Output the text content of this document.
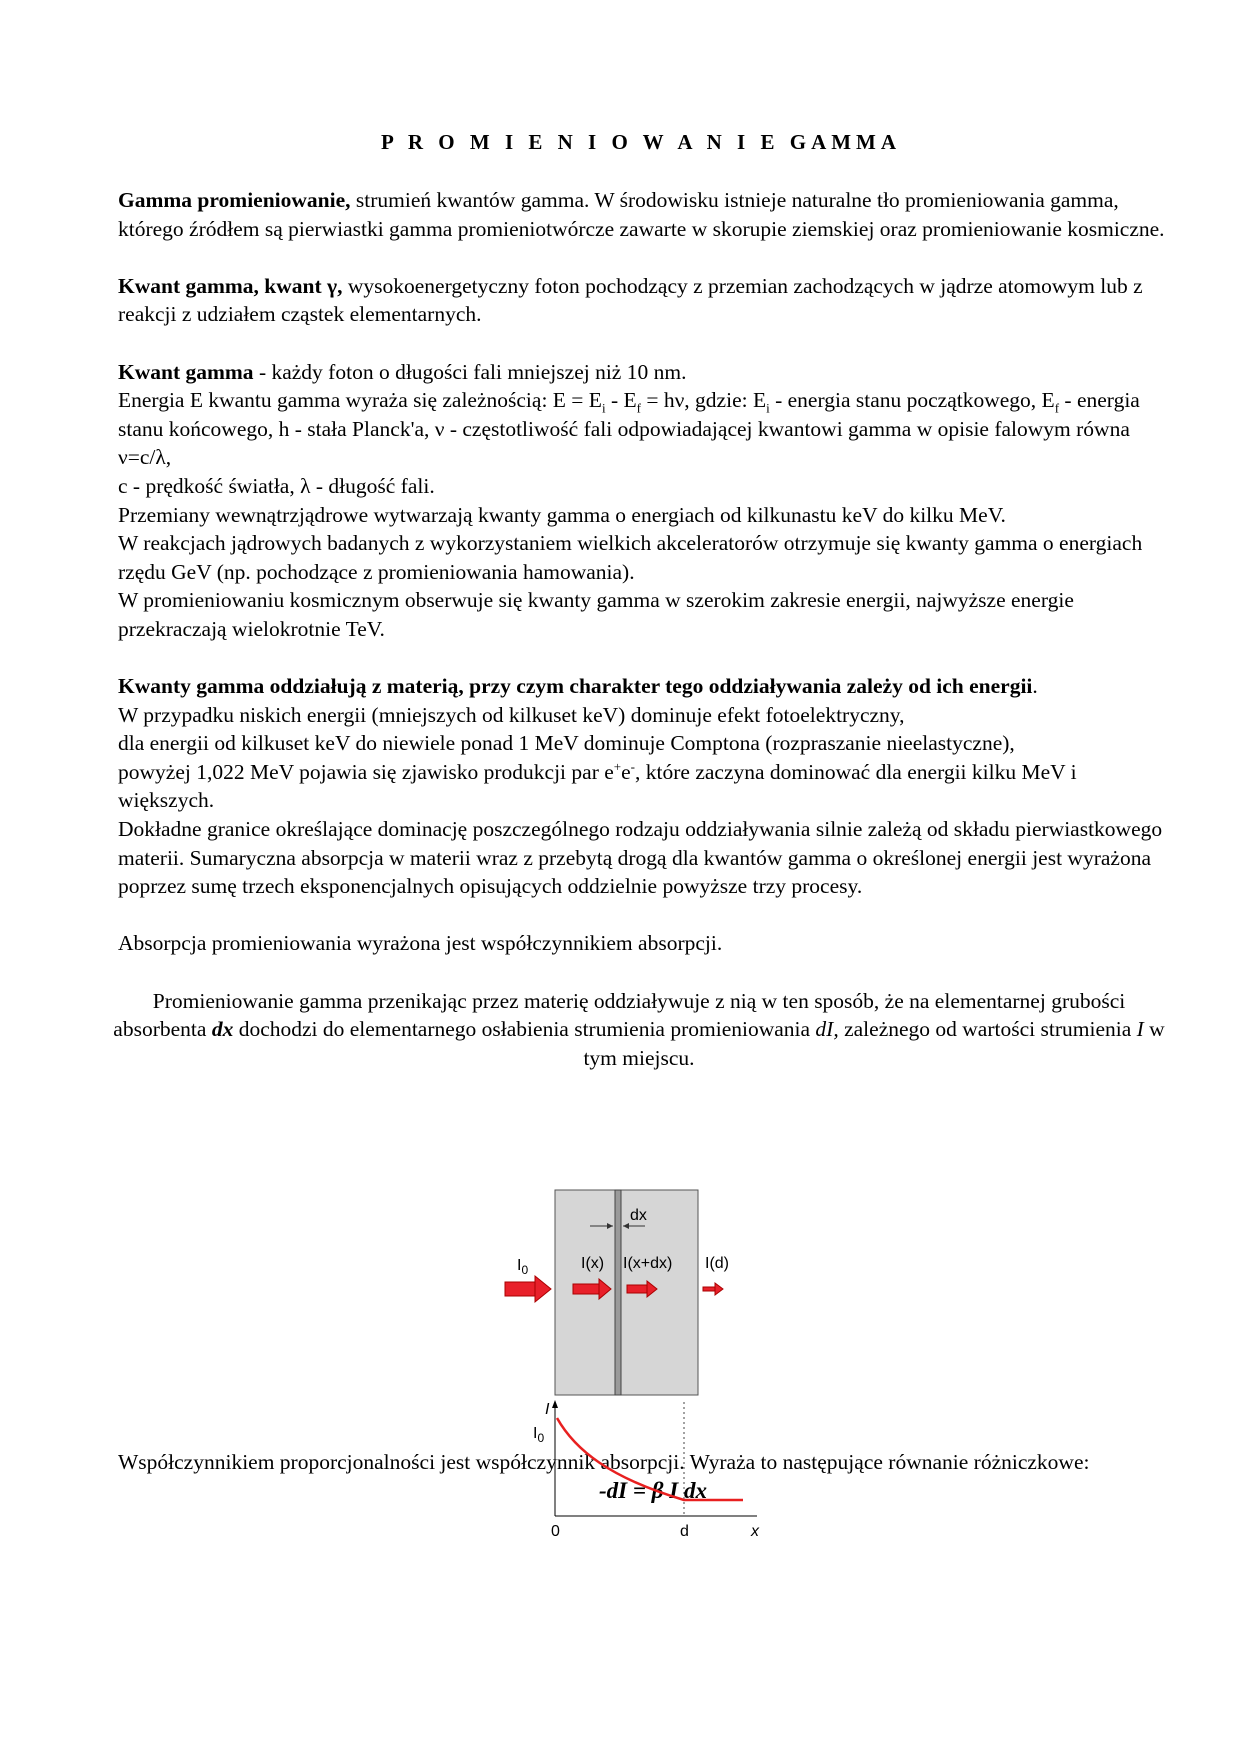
P R O M I E N I O W A N I E GAMMA

Gamma promieniowanie, strumień kwantów gamma. W środowisku istnieje naturalne tło promieniowania gamma, którego źródłem są pierwiastki gamma promieniotwórcze zawarte w skorupie ziemskiej oraz promieniowanie kosmiczne.

Kwant gamma, kwant γ, wysokoenergetyczny foton pochodzący z przemian zachodzących w jądrze atomowym lub z reakcji z udziałem cząstek elementarnych.

Kwant gamma - każdy foton o długości fali mniejszej niż 10 nm.

Energia E kwantu gamma wyraża się zależnością: $E = E_i - E_f = h\nu$, gdzie: $E_i$ - energia stanu początkowego, $E_f$ - energia stanu końcowego, h - stała Planck'a, ν - częstotliwość fali odpowiadającej kwantowi gamma w opisie falowym równa ν=c/λ,

c - prędkość światła, λ - długość fali.

Przemiany wewnątrzjądrowe wytwarzają kwanty gamma o energiach od kilkunastu keV do kilku MeV.

W reakcjach jądrowych badanych z wykorzystaniem wielkich akceleratorów otrzymuje się kwanty gamma o energiach rzędu GeV (np. pochodzące z promieniowania hamowania).

W promieniowaniu kosmicznym obserwuje się kwanty gamma w szerokim zakresie energii, najwyższe energie przekraczają wielokrotnie TeV.

Kwanty gamma oddziałują z materią, przy czym charakter tego oddziaływania zależy od ich energii.

W przypadku niskich energii (mniejszych od kilkuset keV) dominuje efekt fotoelektryczny,

dla energii od kilkuset keV do niewiele ponad 1 MeV dominuje Comptona (rozpraszanie nieelastyczne),

powyżej 1,022 MeV pojawia się zjawisko produkcji par e+e-, które zaczyna dominować dla energii kilku MeV i większych.

Dokładne granice określające dominację poszczególnego rodzaju oddziaływania silnie zależą od składu pierwiastkowego materii. Sumaryczna absorpcja w materii wraz z przebytą drogą dla kwantów gamma o określonej energii jest wyrażona poprzez sumę trzech eksponencjalnych opisujących oddzielnie powyższe trzy procesy.

Absorpcja promieniowania wyrażona jest współczynnikiem absorpcji.

Promieniowanie gamma przenikając przez materię oddziaływuje z nią w ten sposób, że na elementarnej grubości absorbenta dx dochodzi do elementarnego osłabienia strumienia promieniowania dI, zależnego od wartości strumienia I w tym miejscu.

Współczynnikiem proporcjonalności jest współczynnik absorpcji. Wyraża to następujące równanie różniczkowe:

-dI = β I dx

dx
$I_0$	I(x) I(x+dx) I(d)
I
$I_0$
0	d	x
